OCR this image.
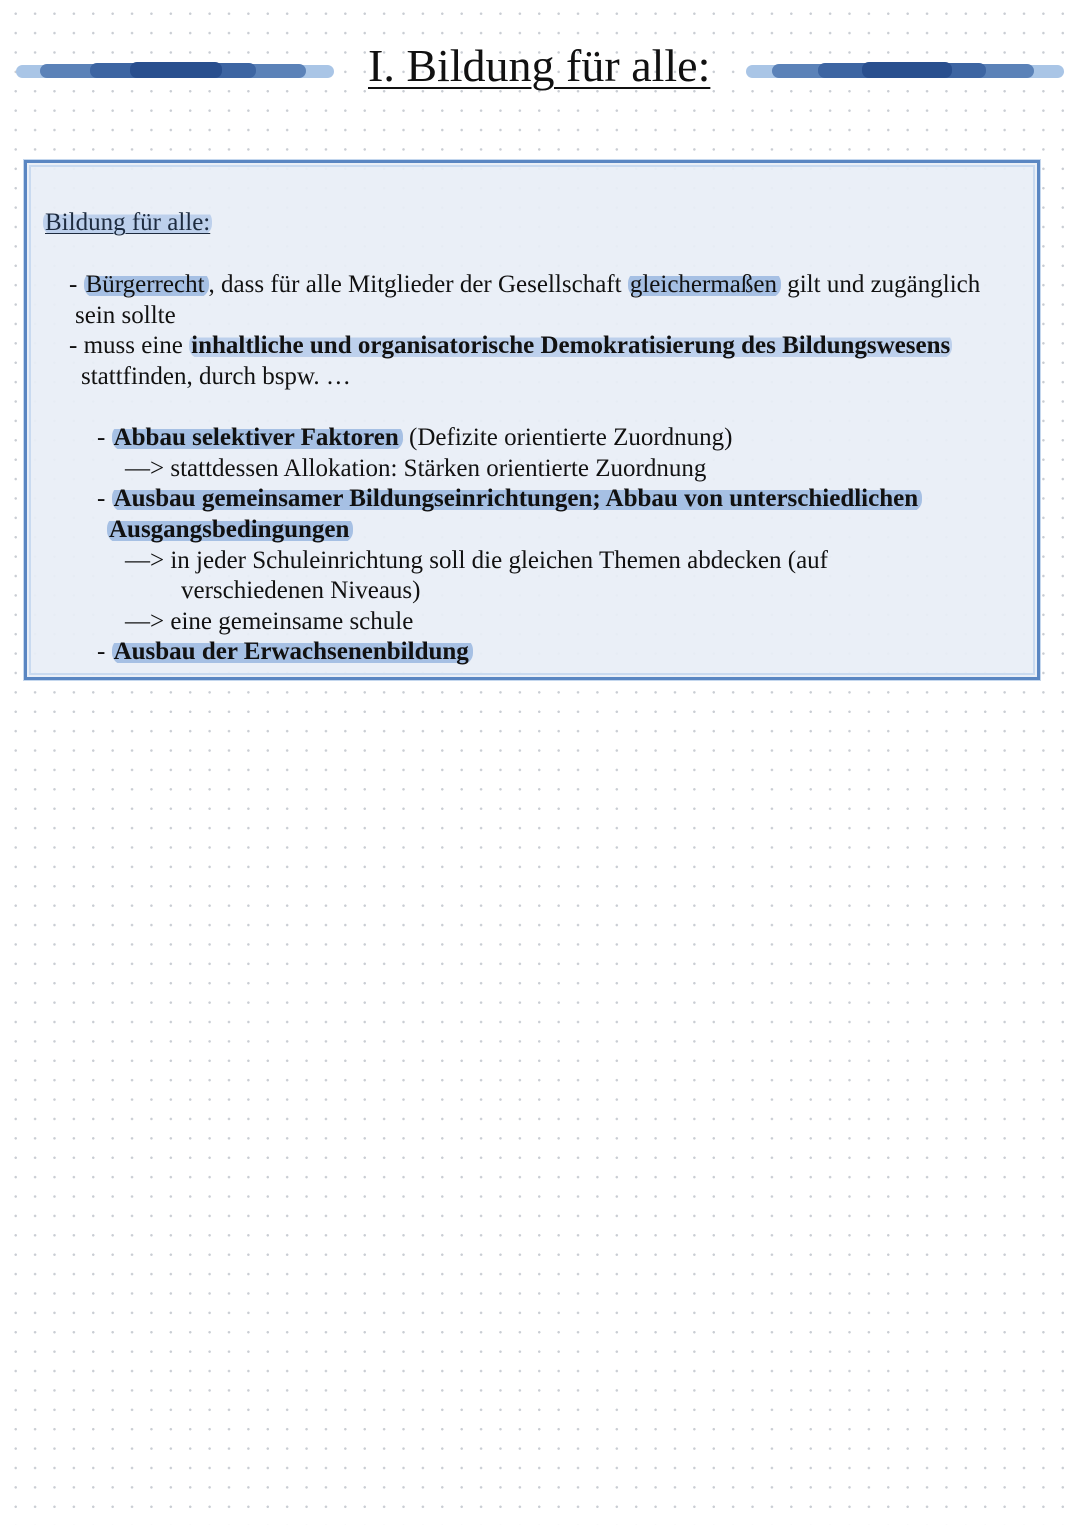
I. Bildung für alle:
Bildung für alle:
- Bürgerrecht , dass für alle Mitglieder der Gesellschaft gleichermaßen gilt und zugänglich
sein sollte
- muss eine inhaltliche und organisatorische Demokratisierung des Bildungswesens
stattfinden, durch bspw. …
- Abbau selektiver Faktoren (Defizite orientierte Zuordnung)
—> stattdessen Allokation: Stärken orientierte Zuordnung
- Ausbau gemeinsamer Bildungseinrichtungen; Abbau von unterschiedlichen
Ausgangsbedingungen
—> in jeder Schuleinrichtung soll die gleichen Themen abdecken (auf
verschiedenen Niveaus)
—> eine gemeinsame schule
- Ausbau der Erwachsenenbildung
